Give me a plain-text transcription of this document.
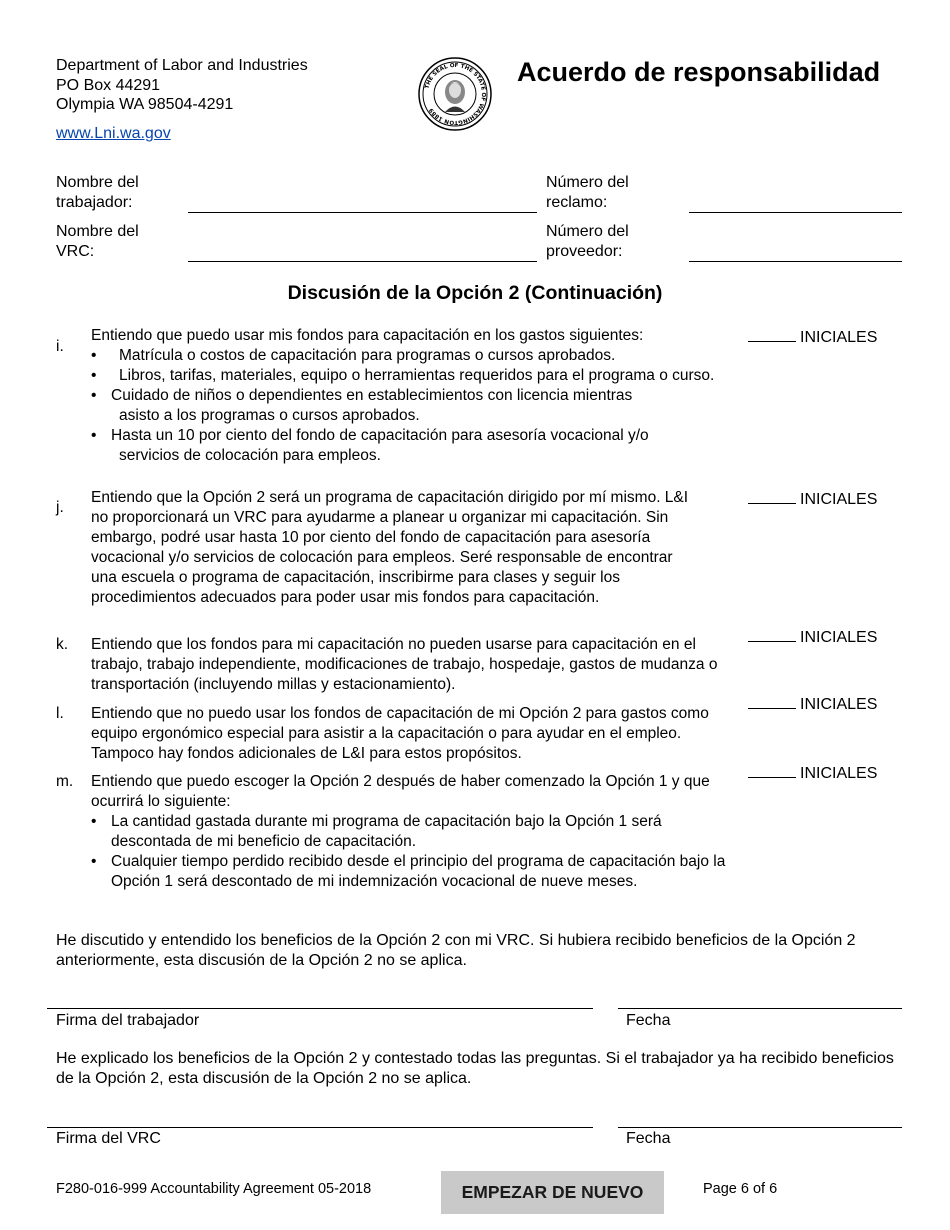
Department of Labor and Industries
PO Box 44291
Olympia WA 98504-4291
www.Lni.wa.gov
THE SEAL OF THE STATE OF WASHINGTON 1889
Acuerdo de responsabilidad
Nombre del
trabajador:
Número del
reclamo:
Nombre del
VRC:
Número del
proveedor:
Discusión de la Opción 2 (Continuación)
i.

Entiendo que puedo usar mis fondos para capacitación en los gastos siguientes:

• Matrícula o costos de capacitación para programas o cursos aprobados.

• Libros, tarifas, materiales, equipo o herramientas requeridos para el programa o curso.

• Cuidado de niños o dependientes en establecimientos con licencia mientras
asisto a los programas o cursos aprobados.

• Hasta un 10 por ciento del fondo de capacitación para asesoría vocacional y/o
servicios de colocación para empleos.

INICIALES
j.

Entiendo que la Opción 2 será un programa de capacitación dirigido por mí mismo. L&I no proporcionará un VRC para ayudarme a planear u organizar mi capacitación. Sin embargo, podré usar hasta 10 por ciento del fondo de capacitación para asesoría vocacional y/o servicios de colocación para empleos. Seré responsable de encontrar una escuela o programa de capacitación, inscribirme para clases y seguir los procedimientos adecuados para poder usar mis fondos para capacitación.

INICIALES
k. Entiendo que los fondos para mi capacitación no pueden usarse para capacitación en el trabajo, trabajo independiente, modificaciones de trabajo, hospedaje, gastos de mudanza o transportación (incluyendo millas y estacionamiento).

INICIALES
l. Entiendo que no puedo usar los fondos de capacitación de mi Opción 2 para gastos como equipo ergonómico especial para asistir a la capacitación o para ayudar en el empleo. Tampoco hay fondos adicionales de L&I para estos propósitos.

INICIALES
m. Entiendo que puedo escoger la Opción 2 después de haber comenzado la Opción 1 y que ocurrirá lo siguiente:

• La cantidad gastada durante mi programa de capacitación bajo la Opción 1 será descontada de mi beneficio de capacitación.

• Cualquier tiempo perdido recibido desde el principio del programa de capacitación bajo la Opción 1 será descontado de mi indemnización vocacional de nueve meses.

INICIALES
He discutido y entendido los beneficios de la Opción 2 con mi VRC. Si hubiera recibido beneficios de la Opción 2 anteriormente, esta discusión de la Opción 2 no se aplica.
Firma del trabajador	Fecha
He explicado los beneficios de la Opción 2 y contestado todas las preguntas. Si el trabajador ya ha recibido beneficios de la Opción 2, esta discusión de la Opción 2 no se aplica.
Firma del VRC	Fecha
F280-016-999 Accountability Agreement 05-2018	EMPEZAR DE NUEVO	Page 6 of 6
